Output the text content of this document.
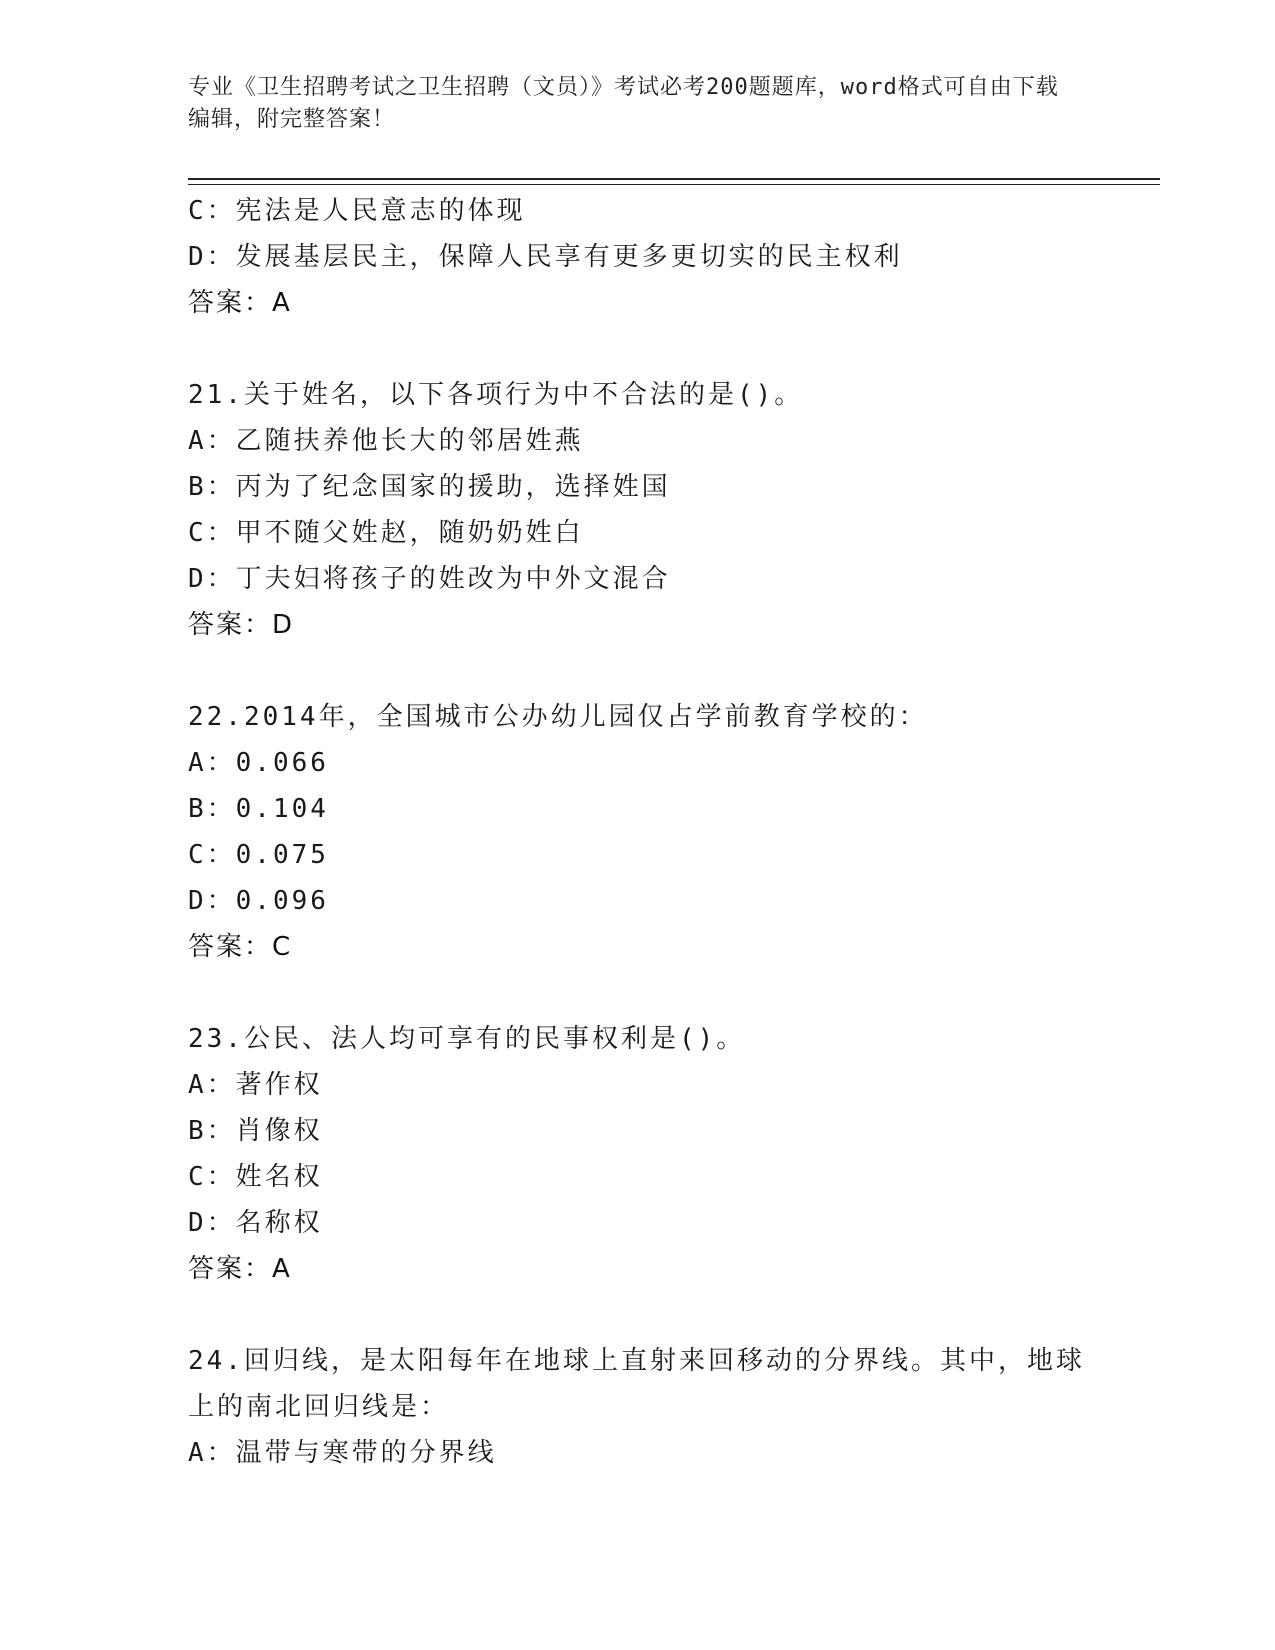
专业《卫生招聘考试之卫生招聘（文员）》考试必考200题题库，word格式可自由下载编辑，附完整答案！
C：宪法是人民意志的体现
D：发展基层民主，保障人民享有更多更切实的民主权利
答案：A
21.关于姓名，以下各项行为中不合法的是()。
A：乙随扶养他长大的邻居姓燕
B：丙为了纪念国家的援助，选择姓国
C：甲不随父姓赵，随奶奶姓白
D：丁夫妇将孩子的姓改为中外文混合
答案：D
22.2014年，全国城市公办幼儿园仅占学前教育学校的：
A：0.066
B：0.104
C：0.075
D：0.096
答案：C
23.公民、法人均可享有的民事权利是()。
A：著作权
B：肖像权
C：姓名权
D：名称权
答案：A
24.回归线，是太阳每年在地球上直射来回移动的分界线。其中，地球上的南北回归线是：
A：温带与寒带的分界线
